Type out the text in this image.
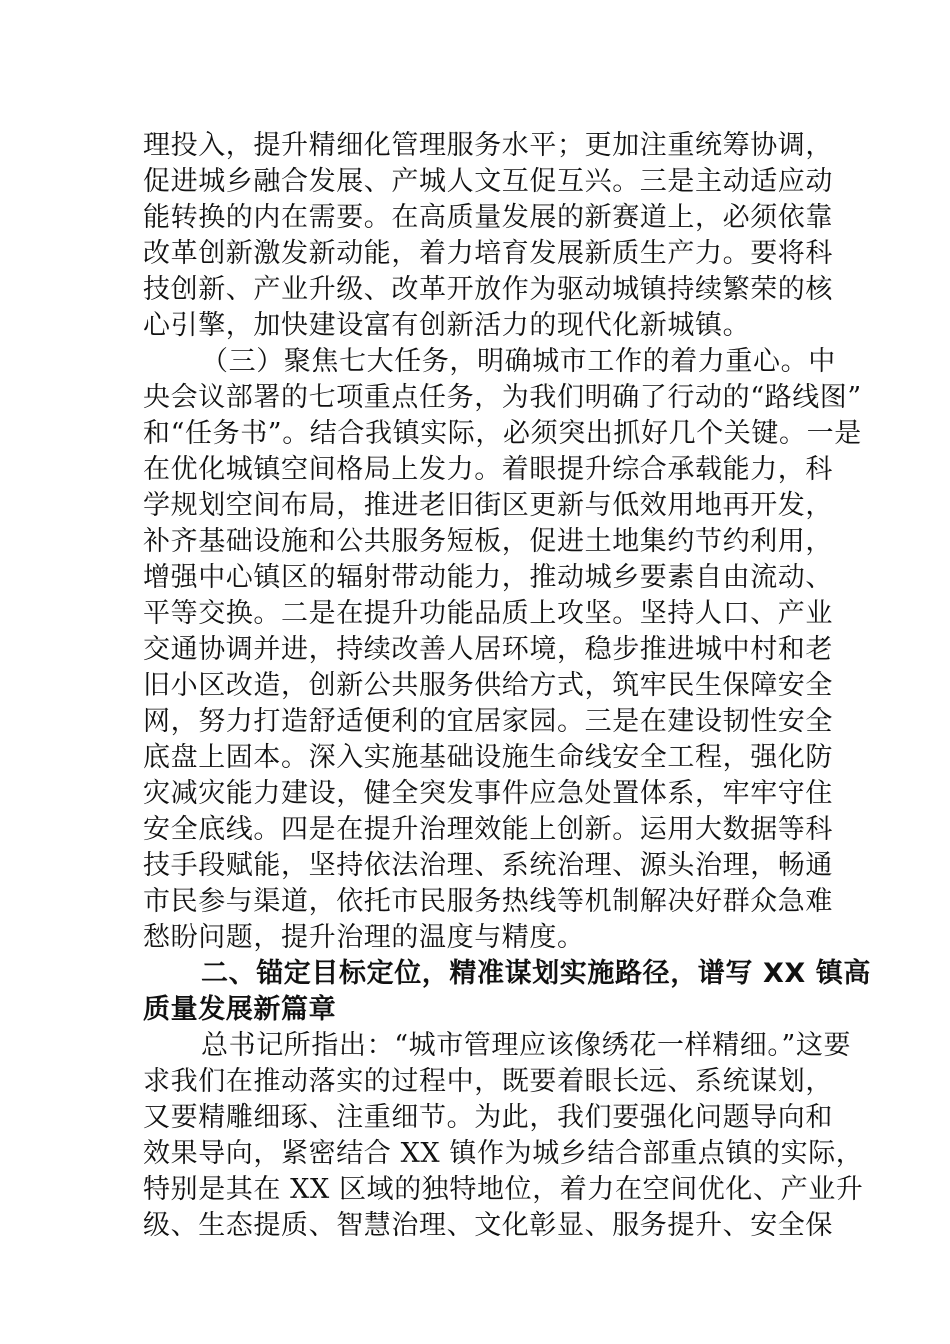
理投入，提升精细化管理服务水平；更加注重统筹协调，
促进城乡融合发展、产城人文互促互兴。三是主动适应动
能转换的内在需要。在高质量发展的新赛道上，必须依靠
改革创新激发新动能，着力培育发展新质生产力。要将科
技创新、产业升级、改革开放作为驱动城镇持续繁荣的核
心引擎，加快建设富有创新活力的现代化新城镇。
（三）聚焦七大任务，明确城市工作的着力重心。中
央会议部署的七项重点任务，为我们明确了行动的“路线图”
和“任务书”。结合我镇实际，必须突出抓好几个关键。一是
在优化城镇空间格局上发力。着眼提升综合承载能力，科
学规划空间布局，推进老旧街区更新与低效用地再开发，
补齐基础设施和公共服务短板，促进土地集约节约利用，
增强中心镇区的辐射带动能力，推动城乡要素自由流动、
平等交换。二是在提升功能品质上攻坚。坚持人口、产业
交通协调并进，持续改善人居环境，稳步推进城中村和老
旧小区改造，创新公共服务供给方式，筑牢民生保障安全
网，努力打造舒适便利的宜居家园。三是在建设韧性安全
底盘上固本。深入实施基础设施生命线安全工程，强化防
灾减灾能力建设，健全突发事件应急处置体系，牢牢守住
安全底线。四是在提升治理效能上创新。运用大数据等科
技手段赋能，坚持依法治理、系统治理、源头治理，畅通
市民参与渠道，依托市民服务热线等机制解决好群众急难
愁盼问题，提升治理的温度与精度。
二、锚定目标定位，精准谋划实施路径，谱写 XX 镇高
质量发展新篇章
总书记所指出：“城市管理应该像绣花一样精细。”这要
求我们在推动落实的过程中，既要着眼长远、系统谋划，
又要精雕细琢、注重细节。为此，我们要强化问题导向和
效果导向，紧密结合 XX 镇作为城乡结合部重点镇的实际，
特别是其在 XX 区域的独特地位，着力在空间优化、产业升
级、生态提质、智慧治理、文化彰显、服务提升、安全保
